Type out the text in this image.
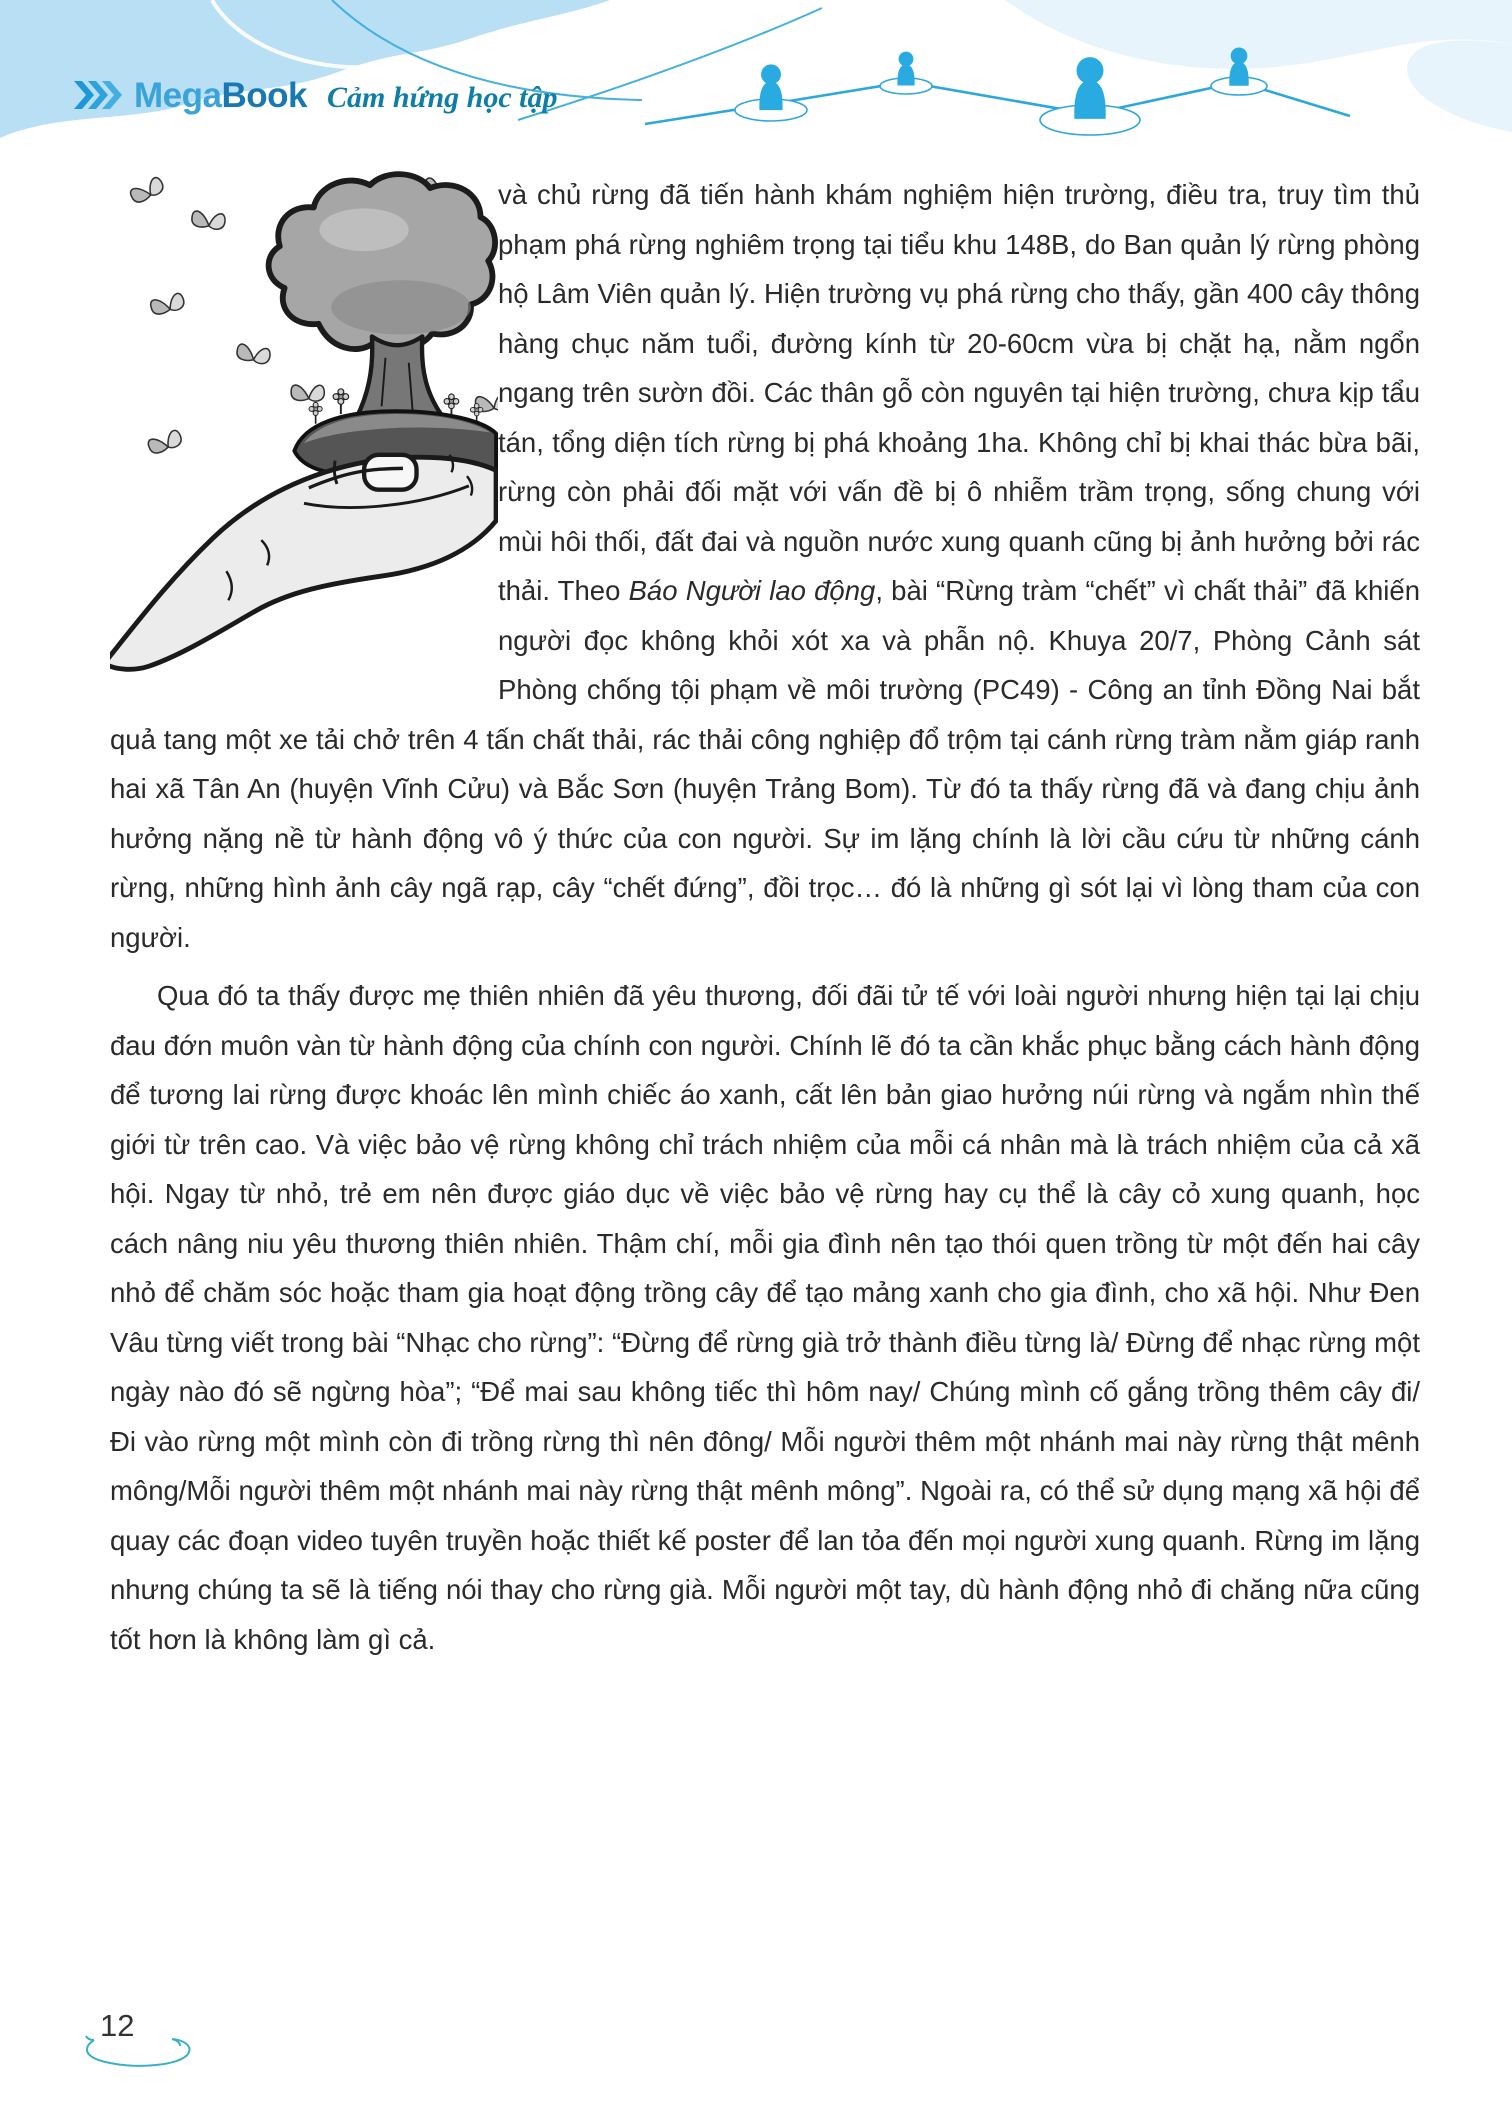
MegaBook Cảm hứng học tập

và chủ rừng đã tiến hành khám nghiệm hiện trường, điều tra, truy tìm thủ phạm phá rừng nghiêm trọng tại tiểu khu 148B, do Ban quản lý rừng phòng hộ Lâm Viên quản lý. Hiện trường vụ phá rừng cho thấy, gần 400 cây thông hàng chục năm tuổi, đường kính từ 20-60cm vừa bị chặt hạ, nằm ngổn ngang trên sườn đồi. Các thân gỗ còn nguyên tại hiện trường, chưa kịp tẩu tán, tổng diện tích rừng bị phá khoảng 1ha. Không chỉ bị khai thác bừa bãi, rừng còn phải đối mặt với vấn đề bị ô nhiễm trầm trọng, sống chung với mùi hôi thối, đất đai và nguồn nước xung quanh cũng bị ảnh hưởng bởi rác thải. Theo Báo Người lao động, bài “Rừng tràm “chết” vì chất thải” đã khiến người đọc không khỏi xót xa và phẫn nộ. Khuya 20/7, Phòng Cảnh sát Phòng chống tội phạm về môi trường (PC49) - Công an tỉnh Đồng Nai bắt quả tang một xe tải chở trên 4 tấn chất thải, rác thải công nghiệp đổ trộm tại cánh rừng tràm nằm giáp ranh hai xã Tân An (huyện Vĩnh Cửu) và Bắc Sơn (huyện Trảng Bom). Từ đó ta thấy rừng đã và đang chịu ảnh hưởng nặng nề từ hành động vô ý thức của con người. Sự im lặng chính là lời cầu cứu từ những cánh rừng, những hình ảnh cây ngã rạp, cây “chết đứng”, đồi trọc… đó là những gì sót lại vì lòng tham của con người.

Qua đó ta thấy được mẹ thiên nhiên đã yêu thương, đối đãi tử tế với loài người nhưng hiện tại lại chịu đau đớn muôn vàn từ hành động của chính con người. Chính lẽ đó ta cần khắc phục bằng cách hành động để tương lai rừng được khoác lên mình chiếc áo xanh, cất lên bản giao hưởng núi rừng và ngắm nhìn thế giới từ trên cao. Và việc bảo vệ rừng không chỉ trách nhiệm của mỗi cá nhân mà là trách nhiệm của cả xã hội. Ngay từ nhỏ, trẻ em nên được giáo dục về việc bảo vệ rừng hay cụ thể là cây cỏ xung quanh, học cách nâng niu yêu thương thiên nhiên. Thậm chí, mỗi gia đình nên tạo thói quen trồng từ một đến hai cây nhỏ để chăm sóc hoặc tham gia hoạt động trồng cây để tạo mảng xanh cho gia đình, cho xã hội. Như Đen Vâu từng viết trong bài “Nhạc cho rừng”: “Đừng để rừng già trở thành điều từng là/ Đừng để nhạc rừng một ngày nào đó sẽ ngừng hòa”; “Để mai sau không tiếc thì hôm nay/ Chúng mình cố gắng trồng thêm cây đi/ Đi vào rừng một mình còn đi trồng rừng thì nên đông/ Mỗi người thêm một nhánh mai này rừng thật mênh mông/Mỗi người thêm một nhánh mai này rừng thật mênh mông”. Ngoài ra, có thể sử dụng mạng xã hội để quay các đoạn video tuyên truyền hoặc thiết kế poster để lan tỏa đến mọi người xung quanh. Rừng im lặng nhưng chúng ta sẽ là tiếng nói thay cho rừng già. Mỗi người một tay, dù hành động nhỏ đi chăng nữa cũng tốt hơn là không làm gì cả.

12
